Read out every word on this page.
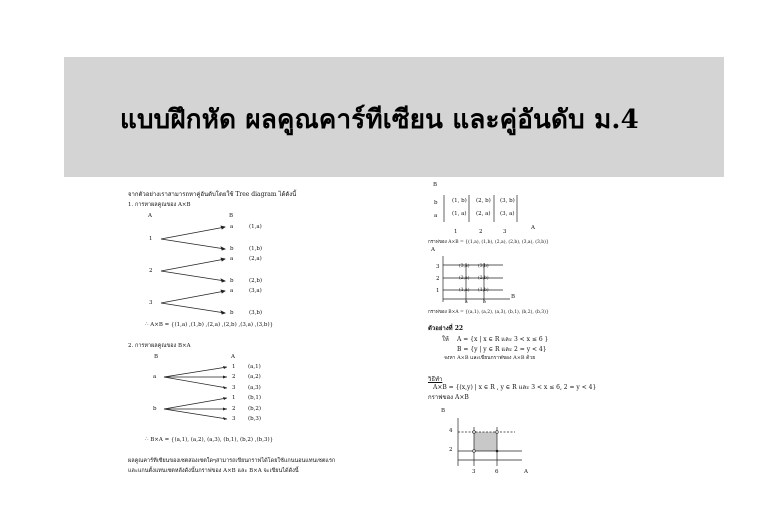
แบบฝึกหัด ผลคูณคาร์ทีเซียน และคู่อันดับ ม.4
จากตัวอย่างเราสามารถหาคู่อันดับโดยใช้ Tree diagram ได้ดังนี้
1. การหาผลคูณของ A×B
A	B
1
2
3
a	(1,a)
b	(1,b)
a	(2,a)
b	(2,b)
a	(3,a)
b	(3,b)
∴ A×B = {(1,a) ,(1,b) ,(2,a) ,(2,b) ,(3,a) ,(3,b)}
2. การหาผลคูณของ B×A
B	A
a
b
1 (a,1)
2 (a,2)
3 (a,3)
1 (b,1)
2 (b,2)
3 (b,3)
∴ B×A = {(a,1), (a,2), (a,3), (b,1), (b,2) ,(b,3)}
ผลคูณคาร์ทีเซียนของเซตสองเซตใดๆสามารถเขียนกราฟได้โดยใช้แกนนอนแทนเซตแรก
และแกนตั้งแทนเซตหลังดังนั้นกราฟของ A×B และ B×A จะเขียนได้ดังนี้
B
b
a
(1, b) (2, b) (3, b)
(1, a) (2, a) (3, a)
1	2	3
A
กราฟของ A×B = {(1,a), (1,b), (2,a), (2,b), (3,a), (3,b)}
A
3
2
1
(3,a) (3,b)
(2,a) (2,b)
(1,a) (1,b)
a	b
B
กราฟของ B×A = {(a,1), (a,2), (a,3), (b,1), (b,2), (b,3)}
ตัวอย่างที่ 22
ให้ A = {x | x ∈ R และ 3 < x ≤ 6 }
B = {y | y ∈ R และ 2 = y < 4}
จงหา A×B และเขียนกราฟของ A×B ด้วย
วิธีทำ
A×B = {(x,y) | x ∈ R , y ∈ R และ 3 < x ≤ 6, 2 = y < 4}
กราฟของ A×B
B
4
2
3	6	A
